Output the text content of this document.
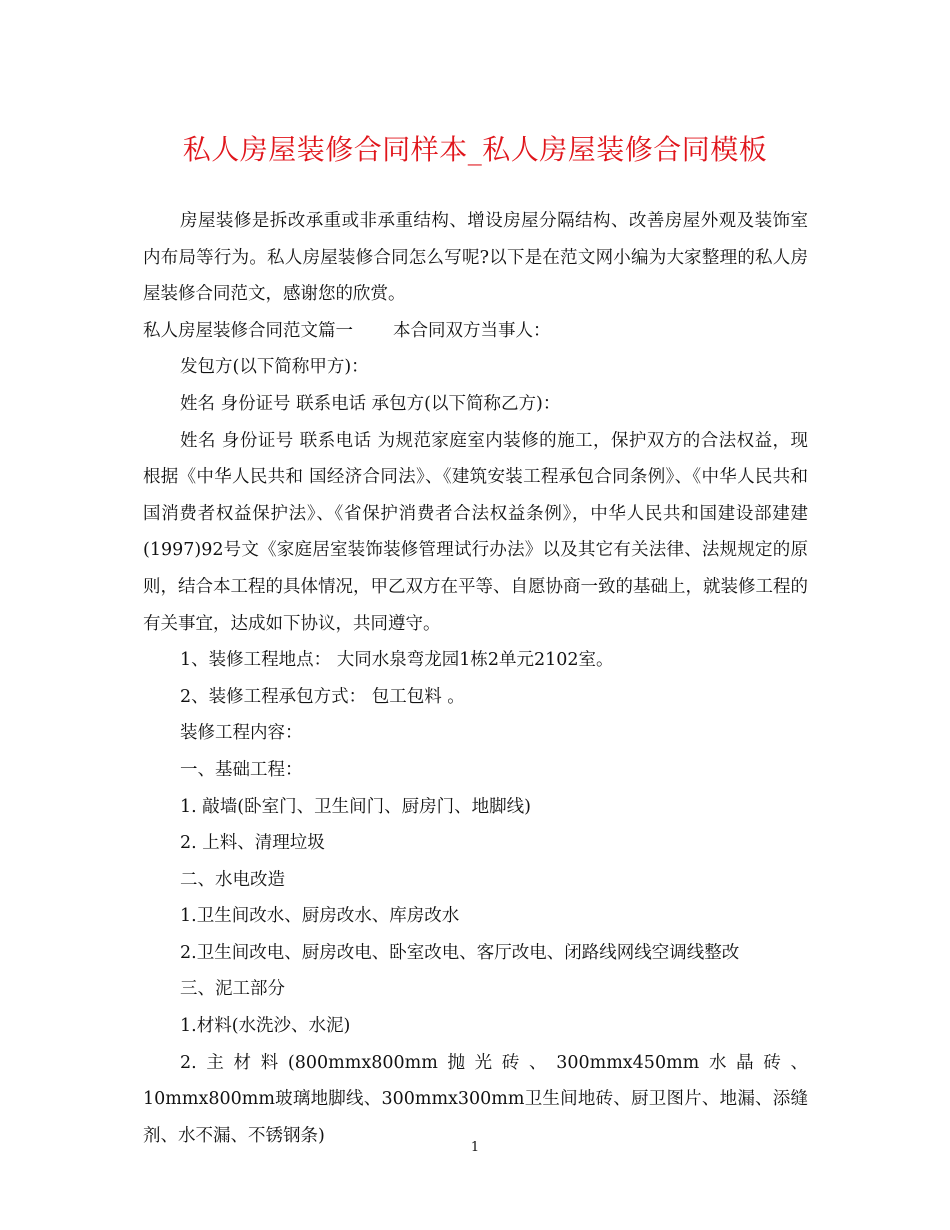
私人房屋装修合同样本_私人房屋装修合同模板

房屋装修是拆改承重或非承重结构、增设房屋分隔结构、改善房屋外观及装饰室内布局等行为。私人房屋装修合同怎么写呢?以下是在范文网小编为大家整理的私人房屋装修合同范文，感谢您的欣赏。

私人房屋装修合同范文篇一 本合同双方当事人：

发包方(以下简称甲方)：

姓名 身份证号 联系电话 承包方(以下简称乙方)：

姓名 身份证号 联系电话 为规范家庭室内装修的施工，保护双方的合法权益，现根据《中华人民共和 国经济合同法》、《建筑安装工程承包合同条例》、《中华人民共和国消费者权益保护法》、《省保护消费者合法权益条例》，中华人民共和国建设部建建(1997)92号文《家庭居室装饰装修管理试行办法》以及其它有关法律、法规规定的原则，结合本工程的具体情况，甲乙双方在平等、自愿协商一致的基础上，就装修工程的有关事宜，达成如下协议，共同遵守。

1、装修工程地点： 大同水泉弯龙园1栋2单元2102室。

2、装修工程承包方式： 包工包料 。

装修工程内容：

一、基础工程：

1. 敲墙(卧室门、卫生间门、厨房门、地脚线)

2. 上料、清理垃圾

二、水电改造

1.卫生间改水、厨房改水、库房改水

2.卫生间改电、厨房改电、卧室改电、客厅改电、闭路线网线空调线整改

三、泥工部分

1.材料(水洗沙、水泥)

2.主材料(800mmx800mm抛光砖、300mmx450mm水晶砖、10mmx800mm玻璃地脚线、300mmx300mm卫生间地砖、厨卫图片、地漏、添缝剂、水不漏、不锈钢条)

1
